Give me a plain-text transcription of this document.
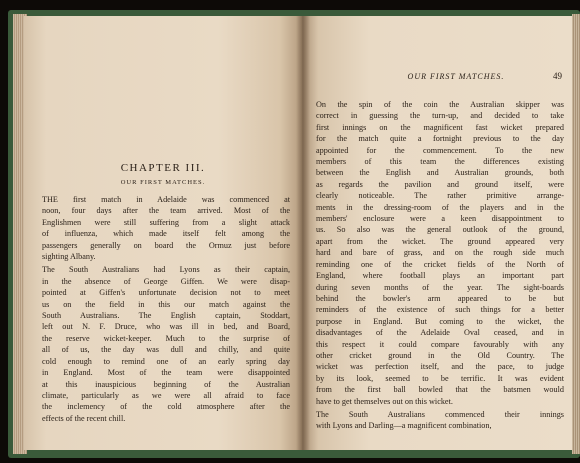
CHAPTER III.
OUR FIRST MATCHES.

THE first match in Adelaide was commenced at
noon, four days after the team arrived. Most of the
Englishmen were still suffering from a slight attack
of influenza, which made itself felt among the
passengers generally on board the Ormuz just before
sighting Albany.

The South Australians had Lyons as their captain,
in the absence of George Giffen. We were disap-
pointed at Giffen's unfortunate decision not to meet
us on the field in this our match against the
South Australians. The English captain, Stoddart,
left out N. F. Druce, who was ill in bed, and Board,
the reserve wicket-keeper. Much to the surprise of
all of us, the day was dull and chilly, and quite
cold enough to remind one of an early spring day
in England. Most of the team were disappointed
at this inauspicious beginning of the Australian
climate, particularly as we were all afraid to face
the inclemency of the cold atmosphere after the
effects of the recent chill.

OUR FIRST MATCHES.	49

On the spin of the coin the Australian skipper was
correct in guessing the turn-up, and decided to take
first innings on the magnificent fast wicket prepared
for the match quite a fortnight previous to the day
appointed for the commencement. To the new
members of this team the differences existing
between the English and Australian grounds, both
as regards the pavilion and ground itself, were
clearly noticeable. The rather primitive arrange-
ments in the dressing-room of the players and in the
members' enclosure were a keen disappointment to
us. So also was the general outlook of the ground,
apart from the wicket. The ground appeared very
hard and bare of grass, and on the rough side much
reminding one of the cricket fields of the North of
England, where football plays an important part
during seven months of the year. The sight-boards
behind the bowler's arm appeared to be but
reminders of the existence of such things for a better
purpose in England. But coming to the wicket, the
disadvantages of the Adelaide Oval ceased, and in
this respect it could compare favourably with any
other cricket ground in the Old Country. The
wicket was perfection itself, and the pace, to judge
by its look, seemed to be terrific. It was evident
from the first ball bowled that the batsmen would
have to get themselves out on this wicket.

The South Australians commenced their innings
with Lyons and Darling—a magnificent combination,
